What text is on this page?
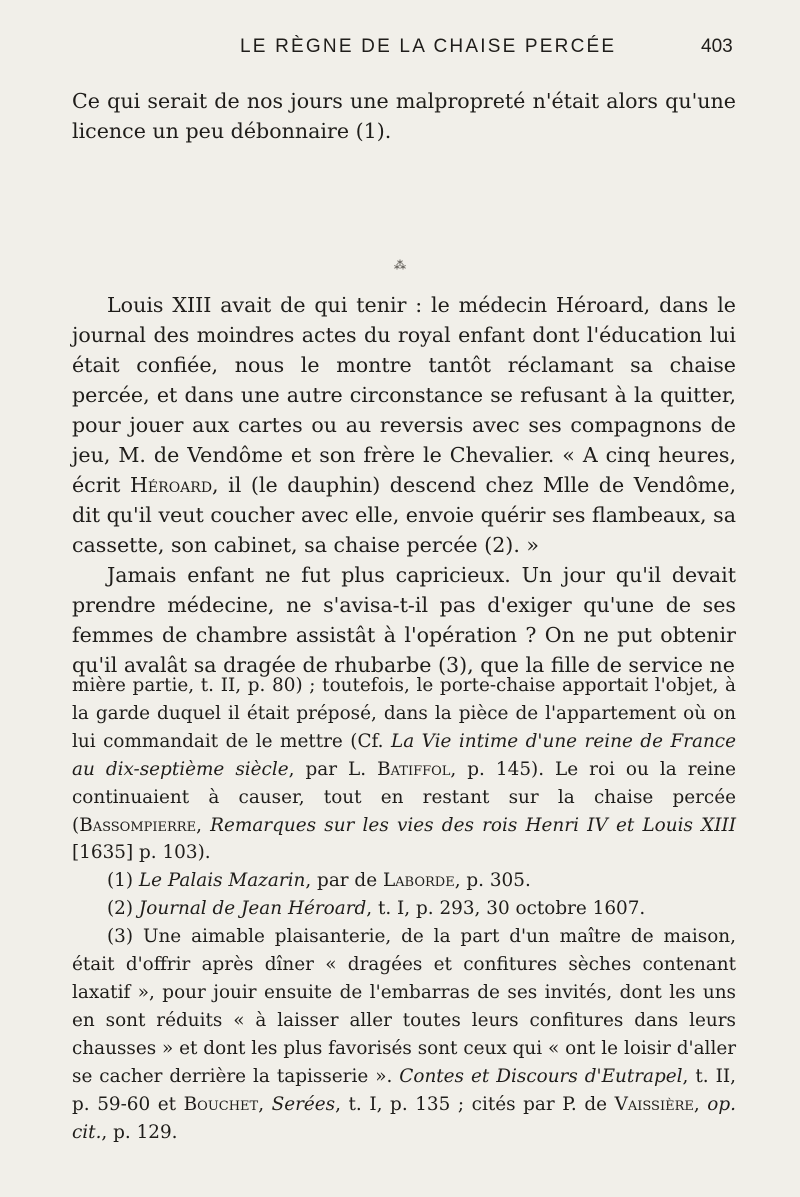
LE RÈGNE DE LA CHAISE PERCÉE	403

Ce qui serait de nos jours une malpropreté n'était alors qu'une licence un peu débonnaire (1).

⁂

Louis XIII avait de qui tenir : le médecin Héroard, dans le journal des moindres actes du royal enfant dont l'éducation lui était confiée, nous le montre tantôt réclamant sa chaise percée, et dans une autre circonstance se refusant à la quitter, pour jouer aux cartes ou au reversis avec ses compagnons de jeu, M. de Vendôme et son frère le Chevalier. « A cinq heures, écrit Héroard, il (le dauphin) descend chez Mlle de Vendôme, dit qu'il veut coucher avec elle, envoie quérir ses flambeaux, sa cassette, son cabinet, sa chaise percée (2). »

Jamais enfant ne fut plus capricieux. Un jour qu'il devait prendre médecine, ne s'avisa-t-il pas d'exiger qu'une de ses femmes de chambre assistât à l'opération ? On ne put obtenir qu'il avalât sa dragée de rhubarbe (3), que la fille de service ne

mière partie, t. II, p. 80) ; toutefois, le porte-chaise apportait l'objet, à la garde duquel il était préposé, dans la pièce de l'appartement où on lui commandait de le mettre (Cf. La Vie intime d'une reine de France au dix-septième siècle, par L. Batiffol, p. 145). Le roi ou la reine continuaient à causer, tout en restant sur la chaise percée (Bassompierre, Remarques sur les vies des rois Henri IV et Louis XIII [1635] p. 103).

(1) Le Palais Mazarin, par de Laborde, p. 305.

(2) Journal de Jean Héroard, t. I, p. 293, 30 octobre 1607.

(3) Une aimable plaisanterie, de la part d'un maître de maison, était d'offrir après dîner « dragées et confitures sèches contenant laxatif », pour jouir ensuite de l'embarras de ses invités, dont les uns en sont réduits « à laisser aller toutes leurs confitures dans leurs chausses » et dont les plus favorisés sont ceux qui « ont le loisir d'aller se cacher derrière la tapisserie ». Contes et Discours d'Eutrapel, t. II, p. 59-60 et Bouchet, Serées, t. I, p. 135 ; cités par P. de Vaissière, op. cit., p. 129.
